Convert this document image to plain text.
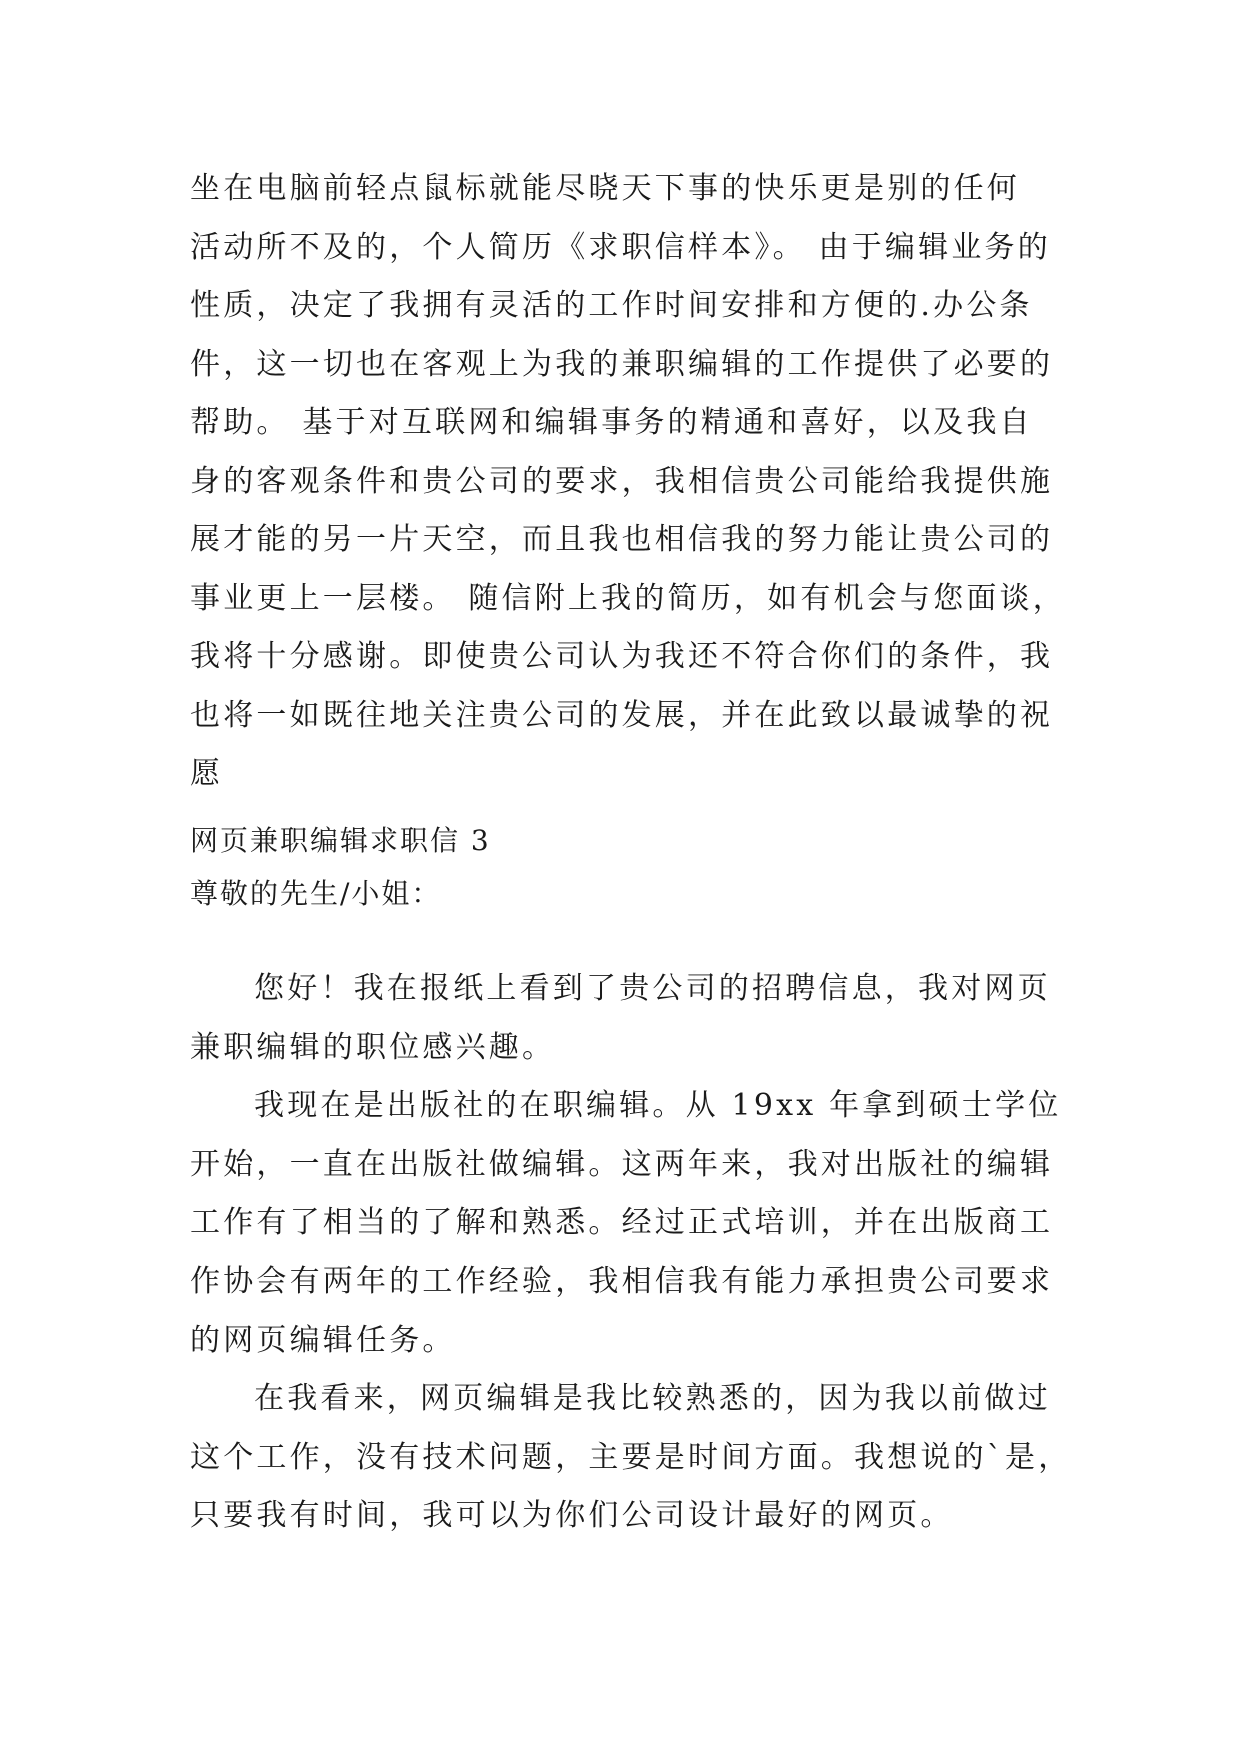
坐在电脑前轻点鼠标就能尽晓天下事的快乐更是别的任何
活动所不及的，个人简历《求职信样本》。 由于编辑业务的
性质，决定了我拥有灵活的工作时间安排和方便的.办公条
件，这一切也在客观上为我的兼职编辑的工作提供了必要的
帮助。 基于对互联网和编辑事务的精通和喜好，以及我自
身的客观条件和贵公司的要求，我相信贵公司能给我提供施
展才能的另一片天空，而且我也相信我的努力能让贵公司的
事业更上一层楼。 随信附上我的简历，如有机会与您面谈，
我将十分感谢。即使贵公司认为我还不符合你们的条件，我
也将一如既往地关注贵公司的发展，并在此致以最诚挚的祝
愿
网页兼职编辑求职信 3
尊敬的先生/小姐：
您好！我在报纸上看到了贵公司的招聘信息，我对网页
兼职编辑的职位感兴趣。
我现在是出版社的在职编辑。从 19xx 年拿到硕士学位
开始，一直在出版社做编辑。这两年来，我对出版社的编辑
工作有了相当的了解和熟悉。经过正式培训，并在出版商工
作协会有两年的工作经验，我相信我有能力承担贵公司要求
的网页编辑任务。
在我看来，网页编辑是我比较熟悉的，因为我以前做过
这个工作，没有技术问题，主要是时间方面。我想说的`是，
只要我有时间，我可以为你们公司设计最好的网页。
